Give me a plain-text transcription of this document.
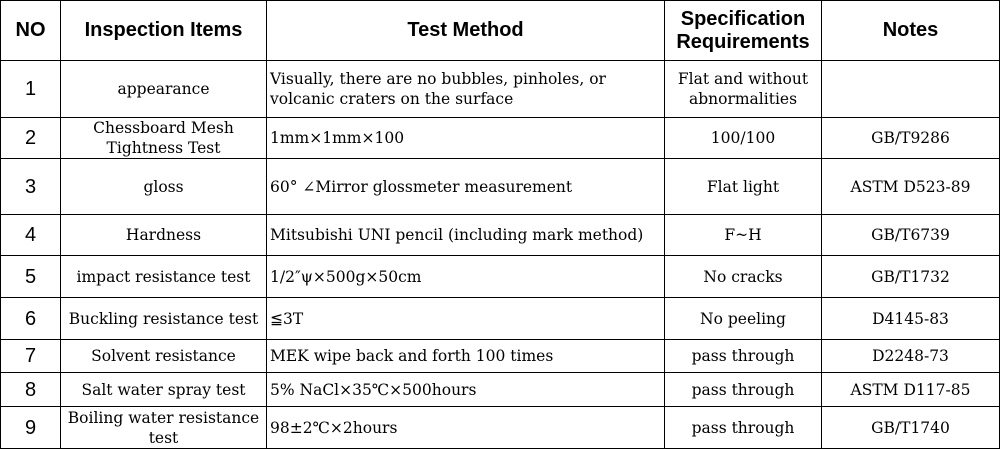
NO	Inspection Items	Test Method	Specification Requirements	Notes
1	appearance	Visually, there are no bubbles, pinholes, or volcanic craters on the surface	Flat and without abnormalities	
2	Chessboard Mesh Tightness Test	1mm×1mm×100	100/100	GB/T9286
3	gloss	60° ∠Mirror glossmeter measurement	Flat light	ASTM D523-89
4	Hardness	Mitsubishi UNI pencil (including mark method)	F~H	GB/T6739
5	impact resistance test	1/2″ψ×500g×50cm	No cracks	GB/T1732
6	Buckling resistance test	≦3T	No peeling	D4145-83
7	Solvent resistance	MEK wipe back and forth 100 times	pass through	D2248-73
8	Salt water spray test	5% NaCl×35℃×500hours	pass through	ASTM D117-85
9	Boiling water resistance test	98±2℃×2hours	pass through	GB/T1740
